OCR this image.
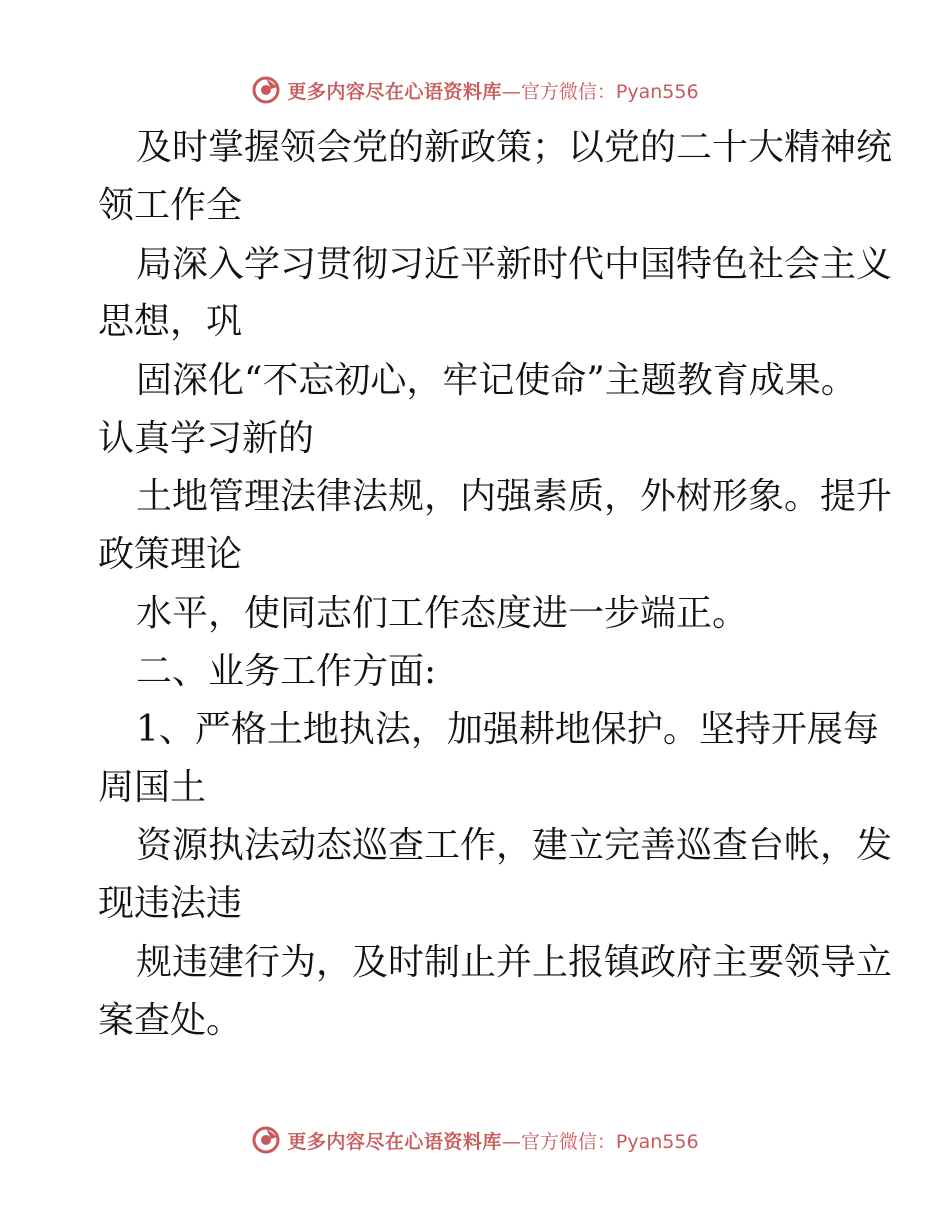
更多内容尽在心语资料库 —官方微信：Pyan556
及时掌握领会党的新政策；以党的二十大精神统
领工作全
局深入学习贯彻习近平新时代中国特色社会主义
思想，巩
固深化“不忘初心，牢记使命”主题教育成果。
认真学习新的
土地管理法律法规，内强素质，外树形象。提升
政策理论
水平，使同志们工作态度进一步端正。
二、业务工作方面:
1、严格土地执法，加强耕地保护。坚持开展每
周国土
资源执法动态巡查工作，建立完善巡查台帐，发
现违法违
规违建行为，及时制止并上报镇政府主要领导立
案查处。
更多内容尽在心语资料库 —官方微信：Pyan556
